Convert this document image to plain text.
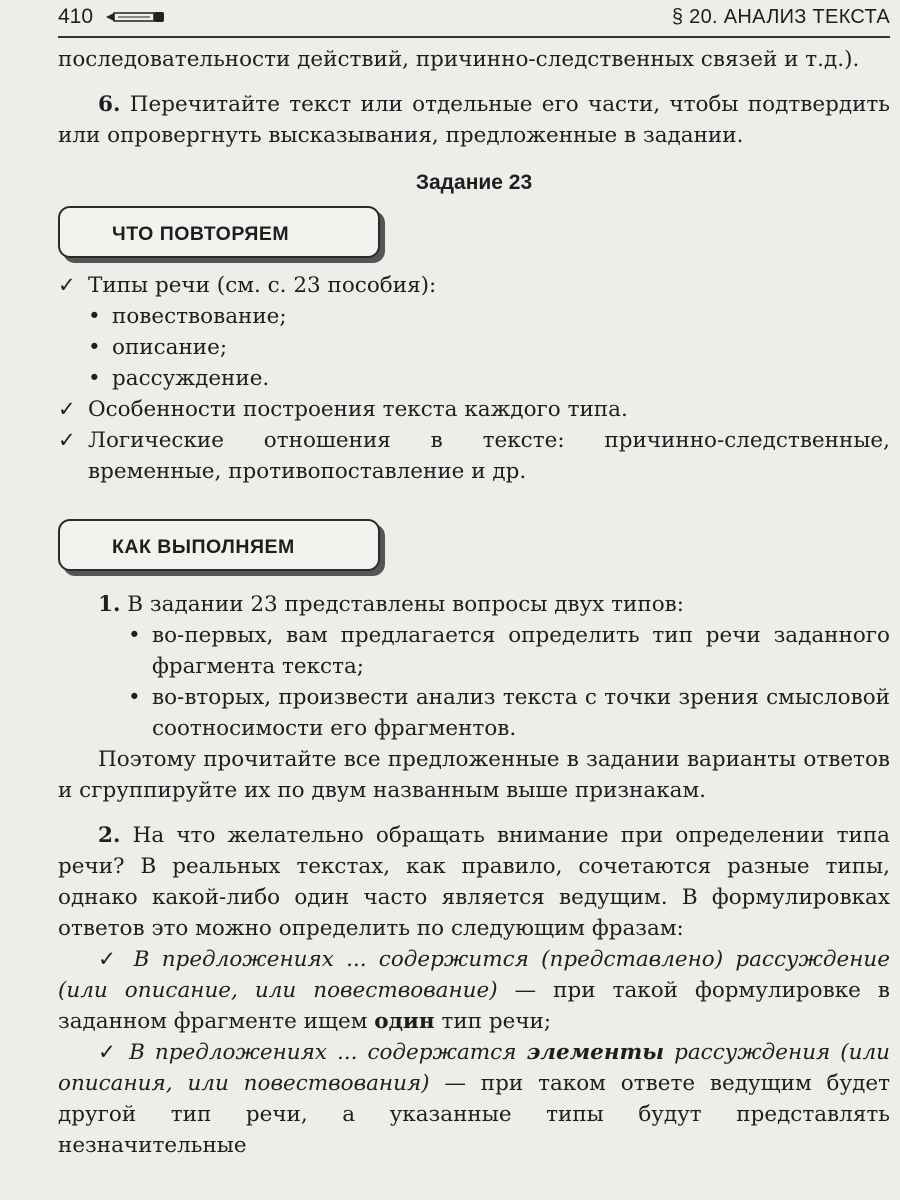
410	§ 20. АНАЛИЗ ТЕКСТА

последовательности действий, причинно-следственных связей и т.д.).

6. Перечитайте текст или отдельные его части, чтобы подтвердить или опровергнуть высказывания, предложенные в задании.

Задание 23
ЧТО ПОВТОРЯЕМ
✓ Типы речи (см. с. 23 пособия):
• повествование;
• описание;
• рассуждение.
✓ Особенности построения текста каждого типа.
✓ Логические отношения в тексте: причинно-следственные, временные, противопоставление и др.
КАК ВЫПОЛНЯЕМ

1. В задании 23 представлены вопросы двух типов:

• во-первых, вам предлагается определить тип речи заданного фрагмента текста;
• во-вторых, произвести анализ текста с точки зрения смысловой соотносимости его фрагментов.

Поэтому прочитайте все предложенные в задании варианты ответов и сгруппируйте их по двум названным выше признакам.

2. На что желательно обращать внимание при определении типа речи? В реальных текстах, как правило, сочетаются разные типы, однако какой-либо один часто является ведущим. В формулировках ответов это можно определить по следующим фразам:

✓ В предложениях ... содержится (представлено) рассуждение (или описание, или повествование) — при такой формулировке в заданном фрагменте ищем один тип речи;

✓ В предложениях ... содержатся элементы рассуждения (или описания, или повествования) — при таком ответе ведущим будет другой тип речи, а указанные типы будут представлять незначительные
